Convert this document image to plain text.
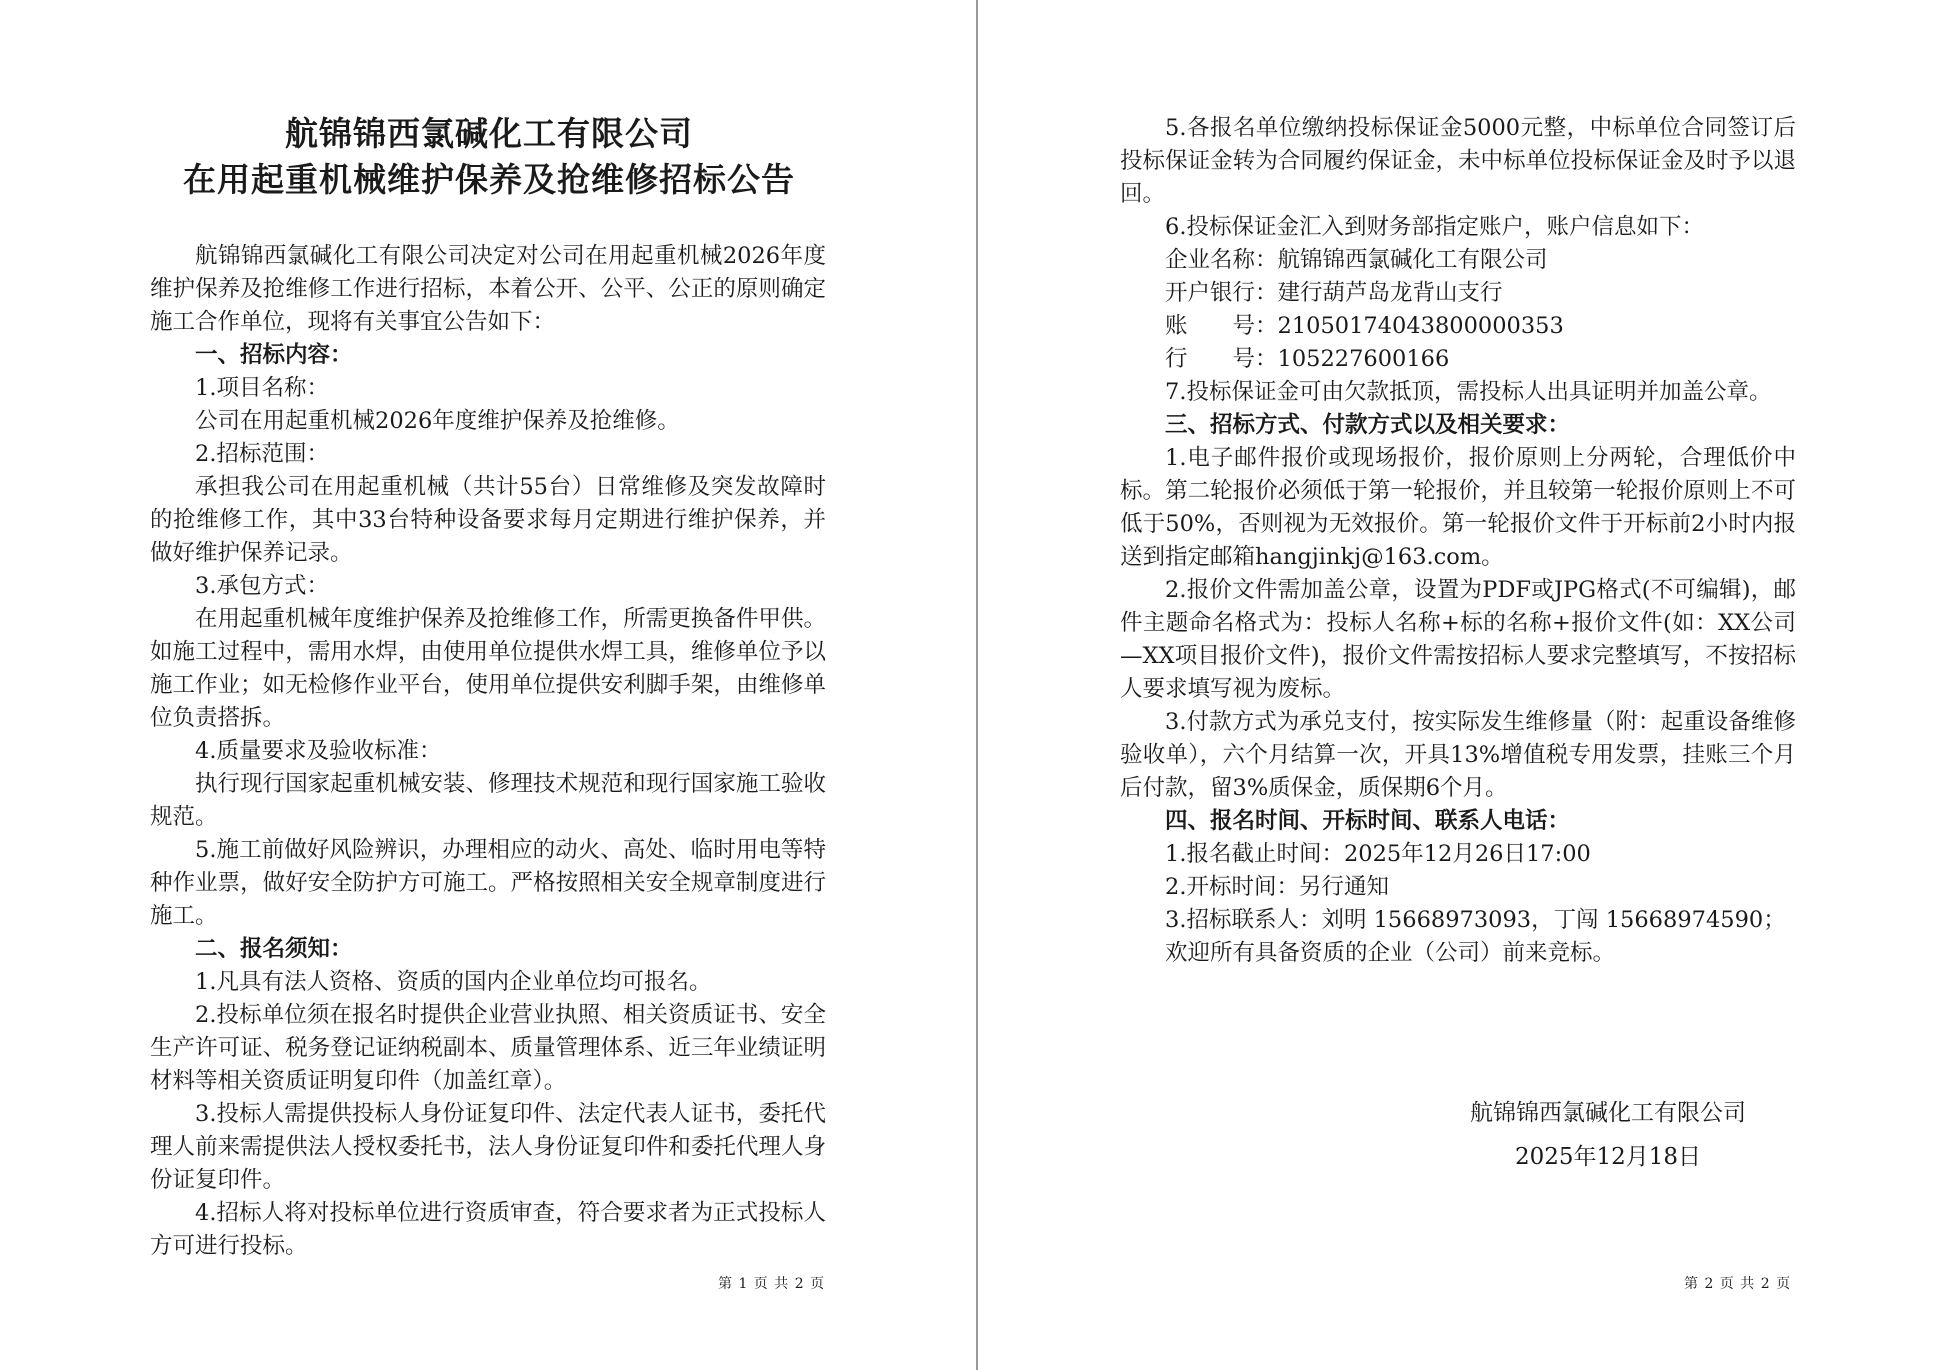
航锦锦西氯碱化工有限公司
在用起重机械维护保养及抢维修招标公告

航锦锦西氯碱化工有限公司决定对公司在用起重机械2026年度维护保养及抢维修工作进行招标，本着公开、公平、公正的原则确定施工合作单位，现将有关事宜公告如下：

一、招标内容：

1.项目名称：

公司在用起重机械2026年度维护保养及抢维修。

2.招标范围：

承担我公司在用起重机械（共计55台）日常维修及突发故障时的抢维修工作，其中33台特种设备要求每月定期进行维护保养，并做好维护保养记录。

3.承包方式：

在用起重机械年度维护保养及抢维修工作，所需更换备件甲供。如施工过程中，需用水焊，由使用单位提供水焊工具，维修单位予以施工作业；如无检修作业平台，使用单位提供安利脚手架，由维修单位负责搭拆。

4.质量要求及验收标准：

执行现行国家起重机械安装、修理技术规范和现行国家施工验收规范。

5.施工前做好风险辨识，办理相应的动火、高处、临时用电等特种作业票，做好安全防护方可施工。严格按照相关安全规章制度进行施工。

二、报名须知：

1.凡具有法人资格、资质的国内企业单位均可报名。

2.投标单位须在报名时提供企业营业执照、相关资质证书、安全生产许可证、税务登记证纳税副本、质量管理体系、近三年业绩证明材料等相关资质证明复印件（加盖红章）。

3.投标人需提供投标人身份证复印件、法定代表人证书，委托代理人前来需提供法人授权委托书，法人身份证复印件和委托代理人身份证复印件。

4.招标人将对投标单位进行资质审查，符合要求者为正式投标人方可进行投标。

第 1 页 共 2 页

5.各报名单位缴纳投标保证金5000元整，中标单位合同签订后投标保证金转为合同履约保证金，未中标单位投标保证金及时予以退回。

6.投标保证金汇入到财务部指定账户，账户信息如下：

企业名称：航锦锦西氯碱化工有限公司

开户银行：建行葫芦岛龙背山支行

账　　号：21050174043800000353

行　　号：105227600166

7.投标保证金可由欠款抵顶，需投标人出具证明并加盖公章。

三、招标方式、付款方式以及相关要求：

1.电子邮件报价或现场报价，报价原则上分两轮，合理低价中标。第二轮报价必须低于第一轮报价，并且较第一轮报价原则上不可低于50%，否则视为无效报价。第一轮报价文件于开标前2小时内报送到指定邮箱hangjinkj@163.com。

2.报价文件需加盖公章，设置为PDF或JPG格式(不可编辑)，邮件主题命名格式为：投标人名称+标的名称+报价文件(如：XX公司—XX项目报价文件)，报价文件需按招标人要求完整填写，不按招标人要求填写视为废标。

3.付款方式为承兑支付，按实际发生维修量（附：起重设备维修验收单），六个月结算一次，开具13%增值税专用发票，挂账三个月后付款，留3%质保金，质保期6个月。

四、报名时间、开标时间、联系人电话：

1.报名截止时间：2025年12月26日17:00

2.开标时间：另行通知

3.招标联系人：刘明 15668973093，丁闯 15668974590；

欢迎所有具备资质的企业（公司）前来竞标。

航锦锦西氯碱化工有限公司
2025年12月18日
第 2 页 共 2 页
